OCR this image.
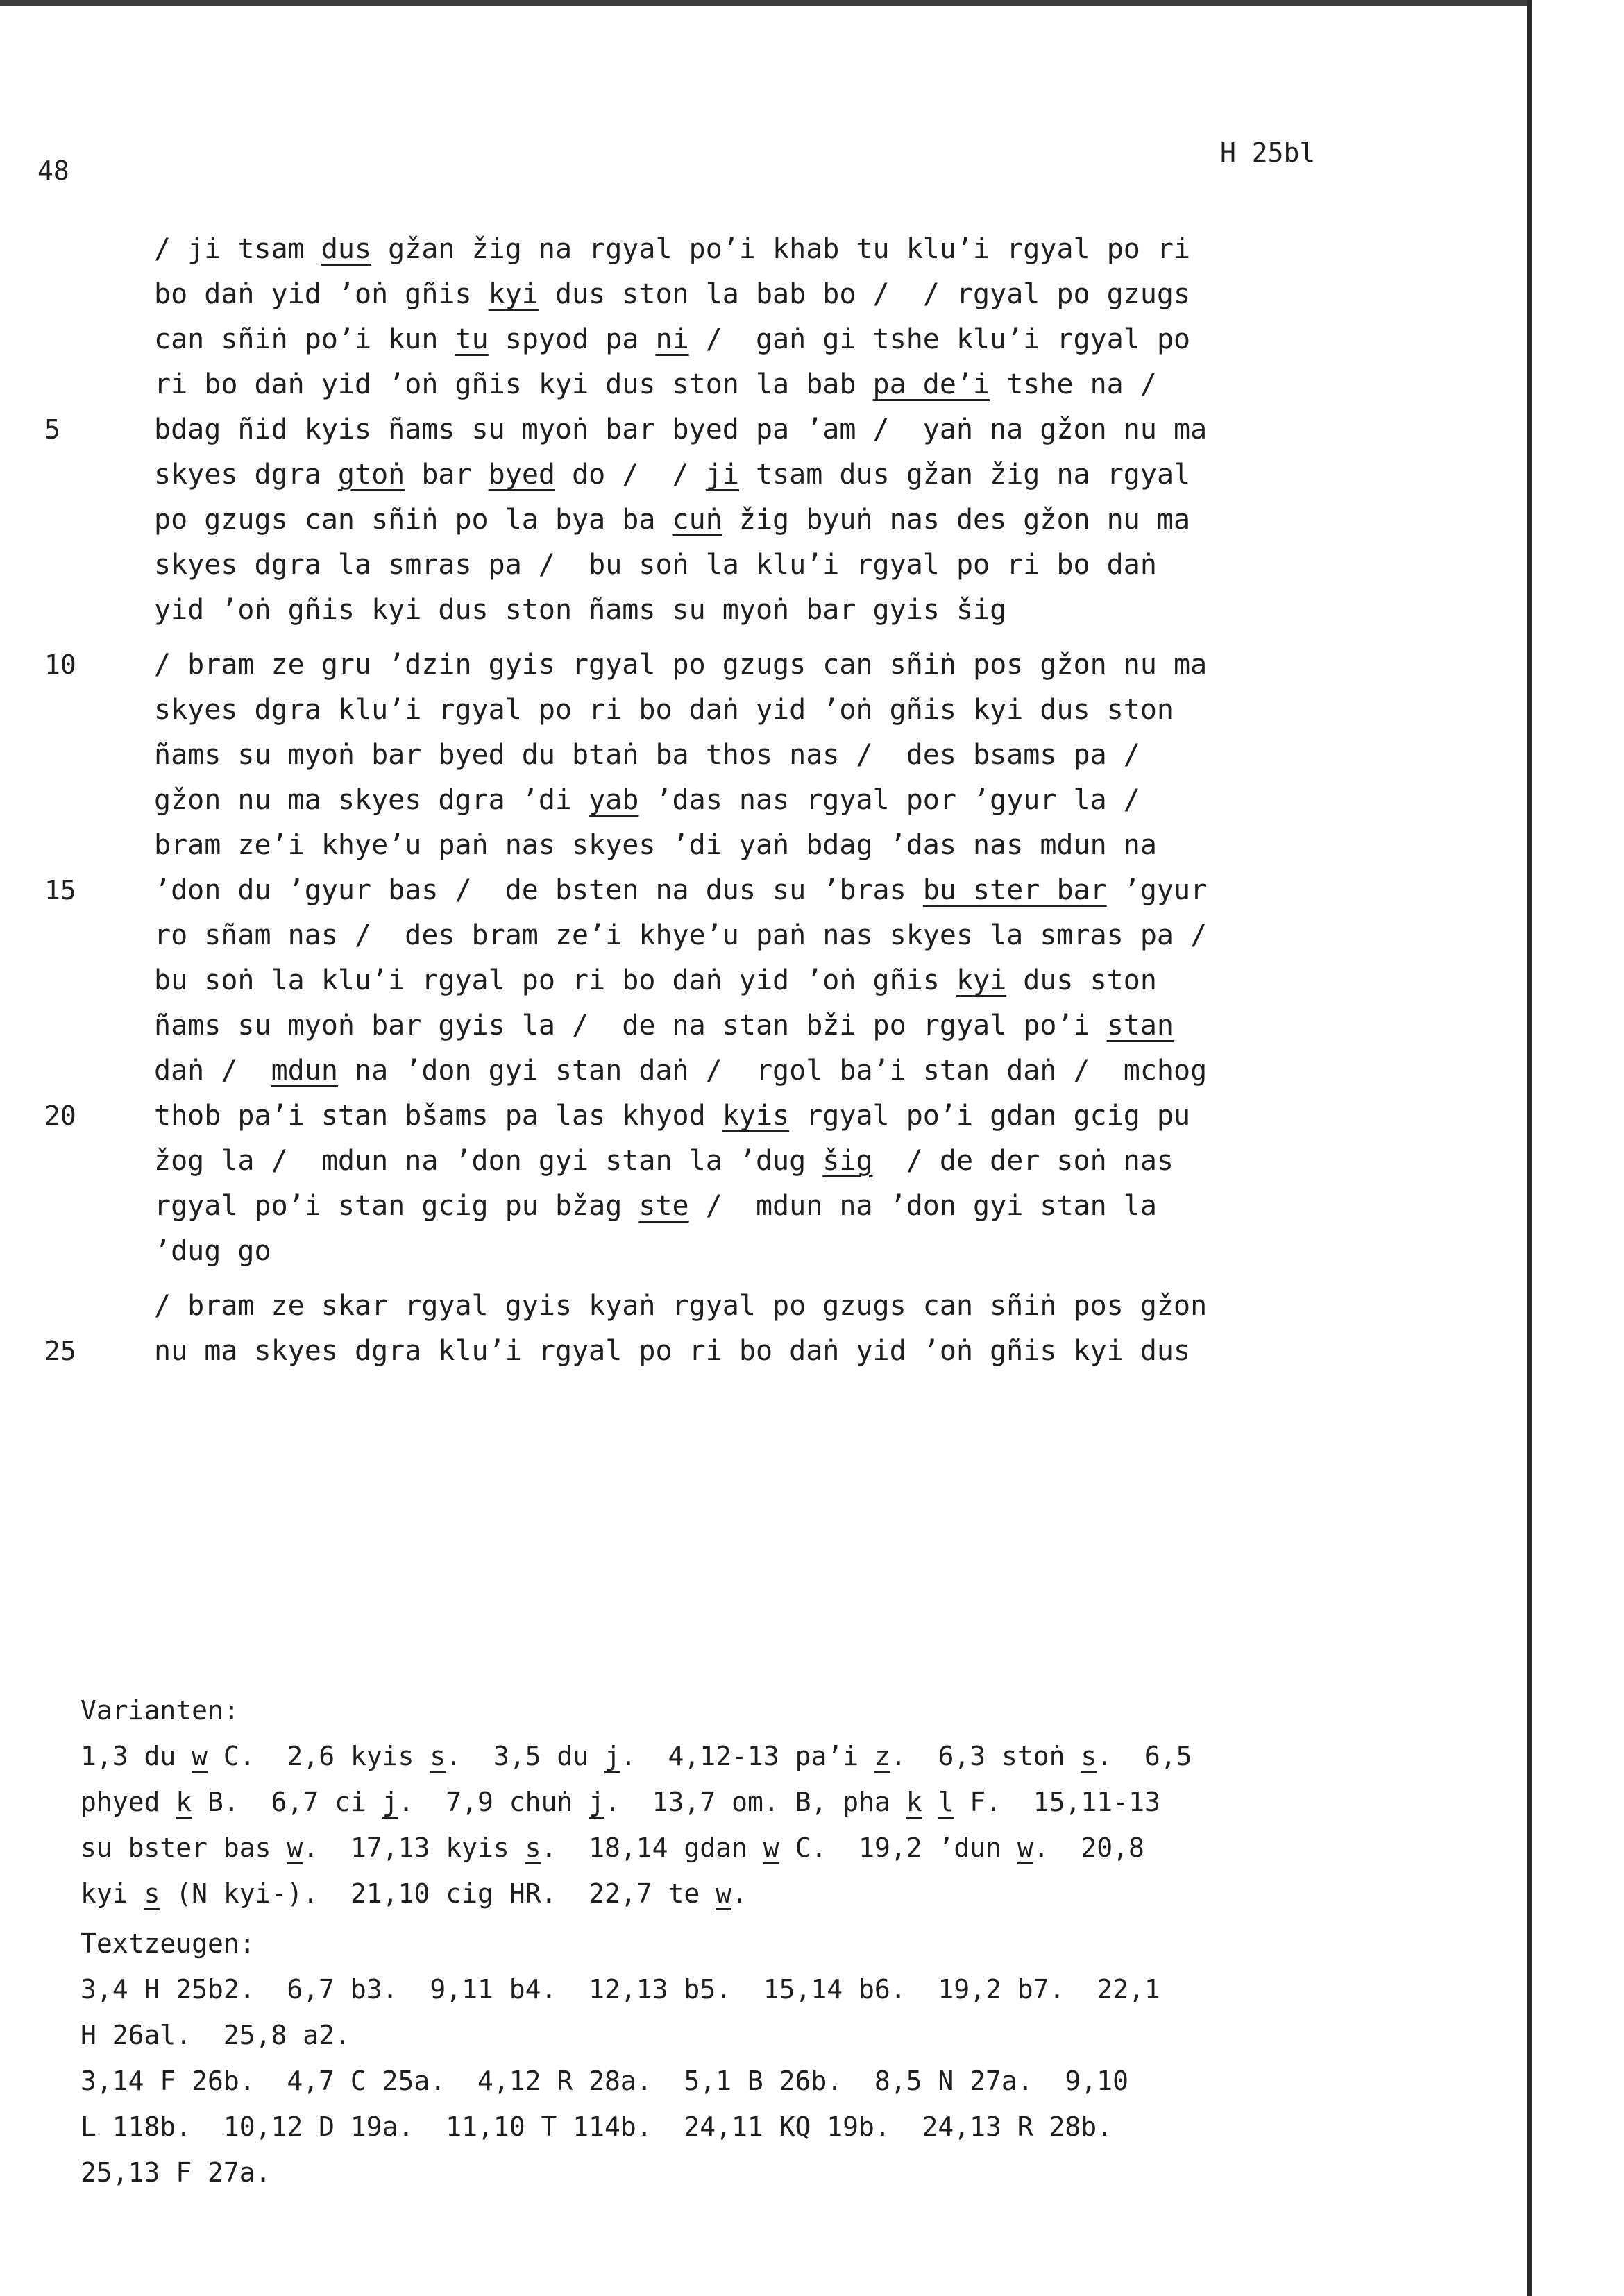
48
H 25bl
/ ji tsam dus gžan žig na rgyal po’i khab tu klu’i rgyal po ri
bo daṅ yid ’oṅ gñis kyi dus ston la bab bo /  / rgyal po gzugs
can sñiṅ po’i kun tu spyod pa ni /  gaṅ gi tshe klu’i rgyal po
ri bo daṅ yid ’oṅ gñis kyi dus ston la bab pa de’i tshe na /
5	bdag ñid kyis ñams su myoṅ bar byed pa ’am /  yaṅ na gžon nu ma
skyes dgra gtoṅ bar byed do /  / ji tsam dus gžan žig na rgyal
po gzugs can sñiṅ po la bya ba cuṅ žig byuṅ nas des gžon nu ma
skyes dgra la smras pa /  bu soṅ la klu’i rgyal po ri bo daṅ
yid ’oṅ gñis kyi dus ston ñams su myoṅ bar gyis šig
10	/ bram ze gru ’dzin gyis rgyal po gzugs can sñiṅ pos gžon nu ma
skyes dgra klu’i rgyal po ri bo daṅ yid ’oṅ gñis kyi dus ston
ñams su myoṅ bar byed du btaṅ ba thos nas /  des bsams pa /
gžon nu ma skyes dgra ’di yab ’das nas rgyal por ’gyur la /
bram ze’i khye’u paṅ nas skyes ’di yaṅ bdag ’das nas mdun na
15	’don du ’gyur bas /  de bsten na dus su ’bras bu ster bar ’gyur
ro sñam nas /  des bram ze’i khye’u paṅ nas skyes la smras pa /
bu soṅ la klu’i rgyal po ri bo daṅ yid ’oṅ gñis kyi dus ston
ñams su myoṅ bar gyis la /  de na stan bži po rgyal po’i stan
daṅ /  mdun na ’don gyi stan daṅ /  rgol ba’i stan daṅ /  mchog
20	thob pa’i stan bšams pa las khyod kyis rgyal po’i gdan gcig pu
žog la /  mdun na ’don gyi stan la ’dug šig  / de der soṅ nas
rgyal po’i stan gcig pu bžag ste /  mdun na ’don gyi stan la
’dug go
/ bram ze skar rgyal gyis kyaṅ rgyal po gzugs can sñiṅ pos gžon
25	nu ma skyes dgra klu’i rgyal po ri bo daṅ yid ’oṅ gñis kyi dus
Varianten:
1,3 du w C.  2,6 kyis s.  3,5 du j.  4,12-13 pa’i z.  6,3 stoṅ s.  6,5
phyed k B.  6,7 ci j.  7,9 chuṅ j.  13,7 om. B, pha k l F.  15,11-13
su bster bas w.  17,13 kyis s.  18,14 gdan w C.  19,2 ’dun w.  20,8
kyi s (N kyi-).  21,10 cig HR.  22,7 te w.
Textzeugen:
3,4 H 25b2.  6,7 b3.  9,11 b4.  12,13 b5.  15,14 b6.  19,2 b7.  22,1
H 26al.  25,8 a2.
3,14 F 26b.  4,7 C 25a.  4,12 R 28a.  5,1 B 26b.  8,5 N 27a.  9,10
L 118b.  10,12 D 19a.  11,10 T 114b.  24,11 KQ 19b.  24,13 R 28b.
25,13 F 27a.
